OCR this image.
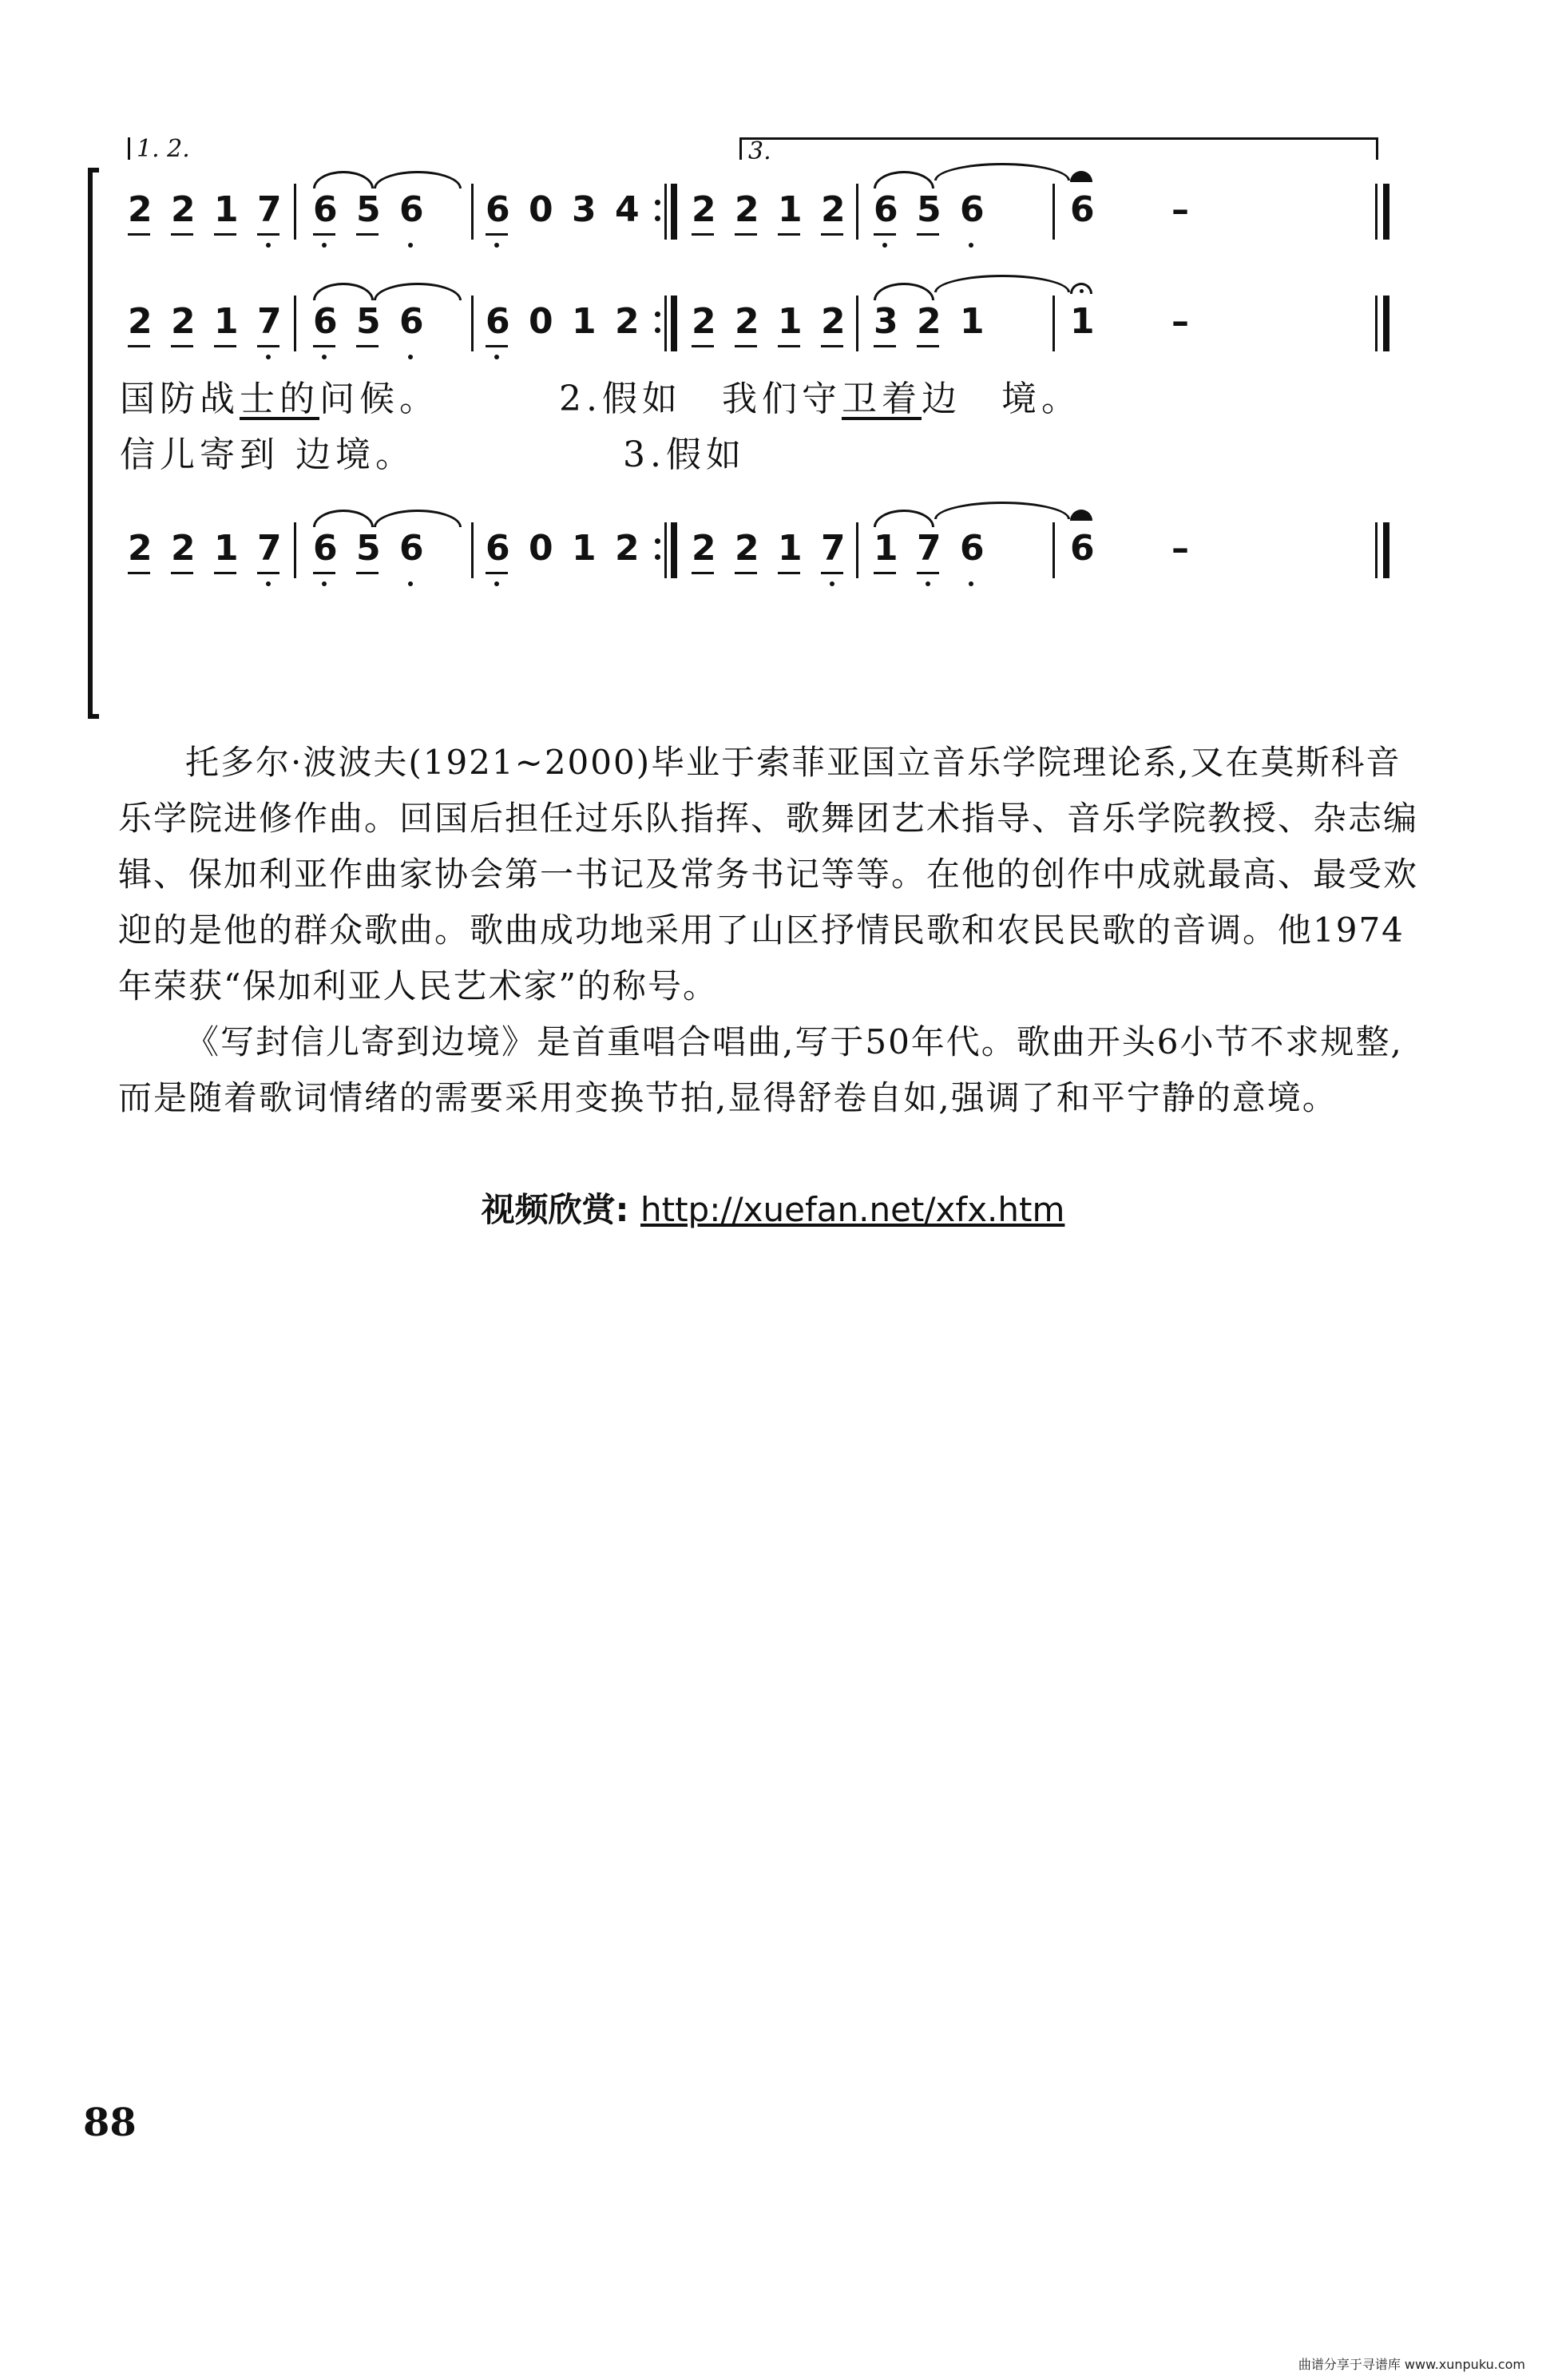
1. 2.	3.
2 2 1 7 6 5 6 6 0 3 4 2 2 1 2 6 5 6 6 –
2 2 1 7 6 5 6 6 0 1 2 2 2 1 2 3 2 1 1 –
国防战士的问候。	2.假如　我们守卫着边　境。
信儿寄到 边境。	3.假如
2 2 1 7 6 5 6 6 0 1 2 2 2 1 7 1 7 6 6 –

托多尔·波波夫(1921~2000)毕业于索菲亚国立音乐学院理论系,又在莫斯科音乐学院进修作曲。回国后担任过乐队指挥、歌舞团艺术指导、音乐学院教授、杂志编辑、保加利亚作曲家协会第一书记及常务书记等等。在他的创作中成就最高、最受欢迎的是他的群众歌曲。歌曲成功地采用了山区抒情民歌和农民民歌的音调。他1974年荣获“保加利亚人民艺术家”的称号。

《写封信儿寄到边境》是首重唱合唱曲,写于50年代。歌曲开头6小节不求规整,而是随着歌词情绪的需要采用变换节拍,显得舒卷自如,强调了和平宁静的意境。

视频欣赏: http://xuefan.net/xfx.htm
88
曲谱分享于寻谱库 www.xunpuku.com
